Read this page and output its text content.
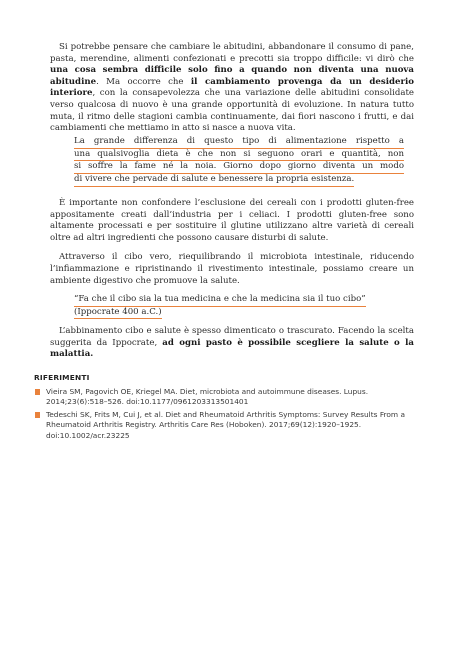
Si potrebbe pensare che cambiare le abitudini, abbandonare il consumo di pane, pasta, merendine, alimenti confezionati e precotti sia troppo difficile: vi dirò che una cosa sembra difficile solo fino a quando non diventa una nuova abitudine. Ma occorre che il cambiamento provenga da un desiderio interiore, con la consapevolezza che una variazione delle abitudini consolidate verso qualcosa di nuovo è una grande opportunità di evoluzione. In natura tutto muta, il ritmo delle stagioni cambia continuamente, dai fiori nascono i frutti, e dai cambiamenti che mettiamo in atto si nasce a nuova vita.

La grande differenza di questo tipo di alimentazione rispetto a
una qualsivoglia dieta è che non si seguono orari e quantità, non
si soffre la fame né la noia. Giorno dopo giorno diventa un modo
di vivere che pervade di salute e benessere la propria esistenza.

È importante non confondere l’esclusione dei cereali con i prodotti gluten-free appositamente creati dall’industria per i celiaci. I prodotti gluten-free sono altamente processati e per sostituire il glutine utilizzano altre varietà di cereali oltre ad altri ingredienti che possono causare disturbi di salute.

Attraverso il cibo vero, riequilibrando il microbiota intestinale, riducendo l’infiammazione e ripristinando il rivestimento intestinale, possiamo creare un ambiente digestivo che promuove la salute.

“Fa che il cibo sia la tua medicina e che la medicina sia il tuo cibo”
(Ippocrate 400 a.C.)

L’abbinamento cibo e salute è spesso dimenticato o trascurato. Facendo la scelta suggerita da Ippocrate, ad ogni pasto è possibile scegliere la salute o la malattia.

RIFERIMENTI
Vieira SM, Pagovich OE, Kriegel MA. Diet, microbiota and autoimmune diseases. Lupus. 2014;23(6):518–526. doi:10.1177/0961203313501401
Tedeschi SK, Frits M, Cui J, et al. Diet and Rheumatoid Arthritis Symptoms: Survey Results From a Rheumatoid Arthritis Registry. Arthritis Care Res (Hoboken). 2017;69(12):1920–1925. doi:10.1002/acr.23225
